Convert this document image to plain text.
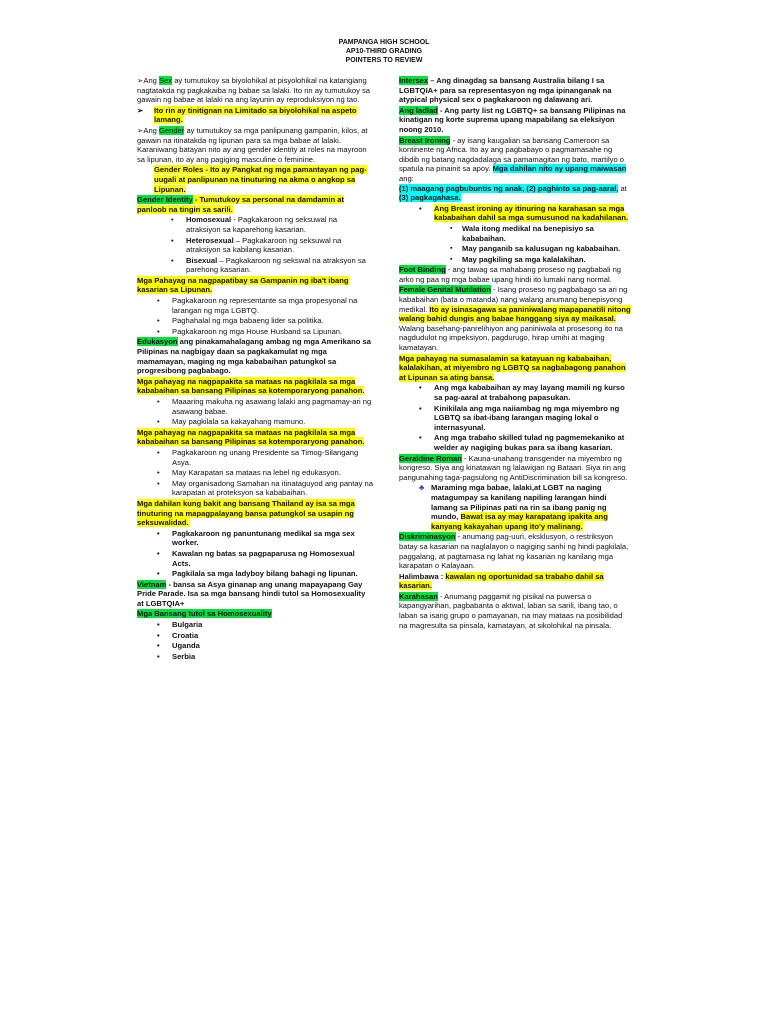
PAMPANGA HIGH SCHOOL
AP10-THIRD GRADING
POINTERS TO REVIEW

➢ Ang Sex ay tumutukoy sa biyolohikal at pisyolohikal na katangiang nagtatakda ng pagkakaiba ng babae sa lalaki. Ito rin ay tumutukoy sa gawain ng babae at lalaki na ang layunin ay reproduksiyon ng tao.

➢ Ito rin ay tinitignan na Limitado sa biyolohikal na aspeto lamang.

➢ Ang Gender ay tumutukoy sa mga panlipunang gampanin, kilos, at gawain na itinatakda ng lipunan para sa mga babae at lalaki. Karaniwang batayan nito ay ang gender identity at roles na mayroon sa lipunan, ito ay ang pagiging masculine o feminine.

Gender Roles - Ito ay Pangkat ng mga pamantayan ng pag-uugali at panlipunan na tinuturing na akma o angkop sa Lipunan.

Gender Identity - Tumutukoy sa personal na damdamin at panloob na tingin sa sarili.

• Homosexual - Pagkakaroon ng seksuwal na atraksiyon sa kaparehong kasarian.
• Heterosexual – Pagkakaroon ng seksuwal na atraksiyon sa kabilang kasarian.
• Bisexual – Pagkakaroon ng sekswal na atraksyon sa parehong kasarian.

Mga Pahayag na nagpapatibay sa Gampanin ng iba't ibang kasarian sa Lipunan.

• Pagkakaroon ng representante sa mga propesyonal na larangan ng mga LGBTQ.
• Paghahalal ng mga babaeng lider sa politika.
• Pagkakaroon ng mga House Husband sa Lipunan.

Edukasyon ang pinakamahalagang ambag ng mga Amerikano sa Pilipinas na nagbigay daan sa pagkakamulat ng mga mamamayan, maging ng mga kababaihan patungkol sa progresibong pagbabago.

Mga pahayag na nagpapakita sa mataas na pagkilala sa mga kababaihan sa bansang Pilipinas sa kotemporaryong panahon.

• Maaaring makuha ng asawang lalaki ang pagmamay-ari ng asawang babae.
• May pagkilala sa kakayahang mamuno.

Mga pahayag na nagpapakita sa mataas na pagkilala sa mga kababaihan sa bansang Pilipinas sa kotemporaryong panahon.

• Pagkakaroon ng unang Presidente sa Timog-Silangang Asya.
• May Karapatan sa mataas na lebel ng edukasyon.
• May organisadong Samahan na itinataguyod ang pantay na karapatan at proteksyon sa kababaihan.

Mga dahilan kung bakit ang bansang Thailand ay isa sa mga tinuturing na mapagpalayang bansa patungkol sa usapin ng seksuwalidad.

• Pagkakaroon ng panuntunang medikal sa mga sex worker.
• Kawalan ng batas sa pagpaparusa ng Homosexual Acts.
• Pagkilala sa mga ladyboy bilang bahagi ng lipunan.

Vietnam - bansa sa Asya ginanap ang unang mapayapang Gay Pride Parade. Isa sa mga bansang hindi tutol sa Homosexuality at LGBTQIA+

Mga Bansang tutol sa Homosexuality

• Bulgaria
• Croatia
• Uganda
• Serbia

Intersex – Ang dinagdag sa bansang Australia bilang I sa LGBTQIA+ para sa representasyon ng mga ipinanganak na atypical physical sex o pagkakaroon ng dalawang ari.

Ang ladlad - Ang party list ng LGBTQ+ sa bansang Pilipinas na kinatigan ng korte suprema upang mapabilang sa eleksiyon noong 2010.

Breast Ironing - ay isang kaugalian sa bansang Cameroon sa kontinente ng Africa. Ito ay ang pagbabayo o pagmamasahe ng dibdib ng batang nagdadalaga sa pamamagitan ng bato, martilyo o spatula na pinainit sa apoy. Mga dahilan nito ay upang maiwasan ang:
(1) maagang pagbubuntis ng anak, (2) paghinto sa pag-aaral, at (3) pagkagahasa.

• Ang Breast ironing ay itinuring na karahasan sa mga kababaihan dahil sa mga sumusunod na kadahilanan.
▪ Wala itong medikal na benepisiyo sa kababaihan.
▪ May panganib sa kalusugan ng kababaihan.
▪ May pagkiling sa mga kalalakihan.

Foot Binding - ang tawag sa mahabang proseso ng pagbabali ng arko ng paa ng mga babae upang hindi ito lumaki nang normal.

Female Genital Mutilation - Isang proseso ng pagbabago sa ari ng kababaihan (bata o matanda) nang walang anumang benepisyong medikal. Ito ay isinasagawa sa paniniwalang mapapanatili nitong walang bahid dungis ang babae hanggang siya ay maikasal. Walang basehang-panrelihiyon ang paniniwala at prosesong ito na nagdudulot ng impeksiyon, pagdurugo, hirap umihi at maging kamatayan.

Mga pahayag na sumasalamin sa katayuan ng kababaihan, kalalakihan, at miyembro ng LGBTQ sa nagbabagong panahon at Lipunan sa ating bansa.

• Ang mga kababaihan ay may layang mamili ng kurso sa pag-aaral at trabahong papasukan.
• Kinikilala ang mga naiiambag ng mga miyembro ng LGBTQ sa ibat-ibang larangan maging lokal o internasyunal.
• Ang mga trabaho skilled tulad ng pagmemekaniko at welder ay nagiging bukas para sa ibang kasarian.

Geraldine Roman - Kauna-unahang transgender na miyembro ng kongreso. Siya ang kinatawan ng lalawigan ng Bataan. Siya rin ang pangunahing taga-pagsulong ng AntiDiscrimination bill sa kongreso.

♣ Maraming mga babae, lalaki,at LGBT na naging matagumpay sa kanilang napiling larangan hindi lamang sa Pilipinas pati na rin sa ibang panig ng mundo, Bawat isa ay may karapatang ipakita ang kanyang kakayahan upang ito'y malinang.

Diskriminasyon - anumang pag-uuri, eksklusyon, o restriksyon batay sa kasarian na naglalayon o nagiging sanhi ng hindi pagkilala, paggalang, at pagtamasa ng lahat ng kasarian ng kanilang mga karapatan o Kalayaan.

Halimbawa : kawalan ng oportunidad sa trabaho dahil sa kasarian.

Karahasan - Anumang paggamit ng pisikal na puwersa o kapangyarihan, pagbabanta o aktwal, laban sa sarili, ibang tao, o laban sa isang grupo o pamayanan, na may mataas na posibilidad na magresulta sa pinsala, kamatayan, at sikolohikal na pinsala.
